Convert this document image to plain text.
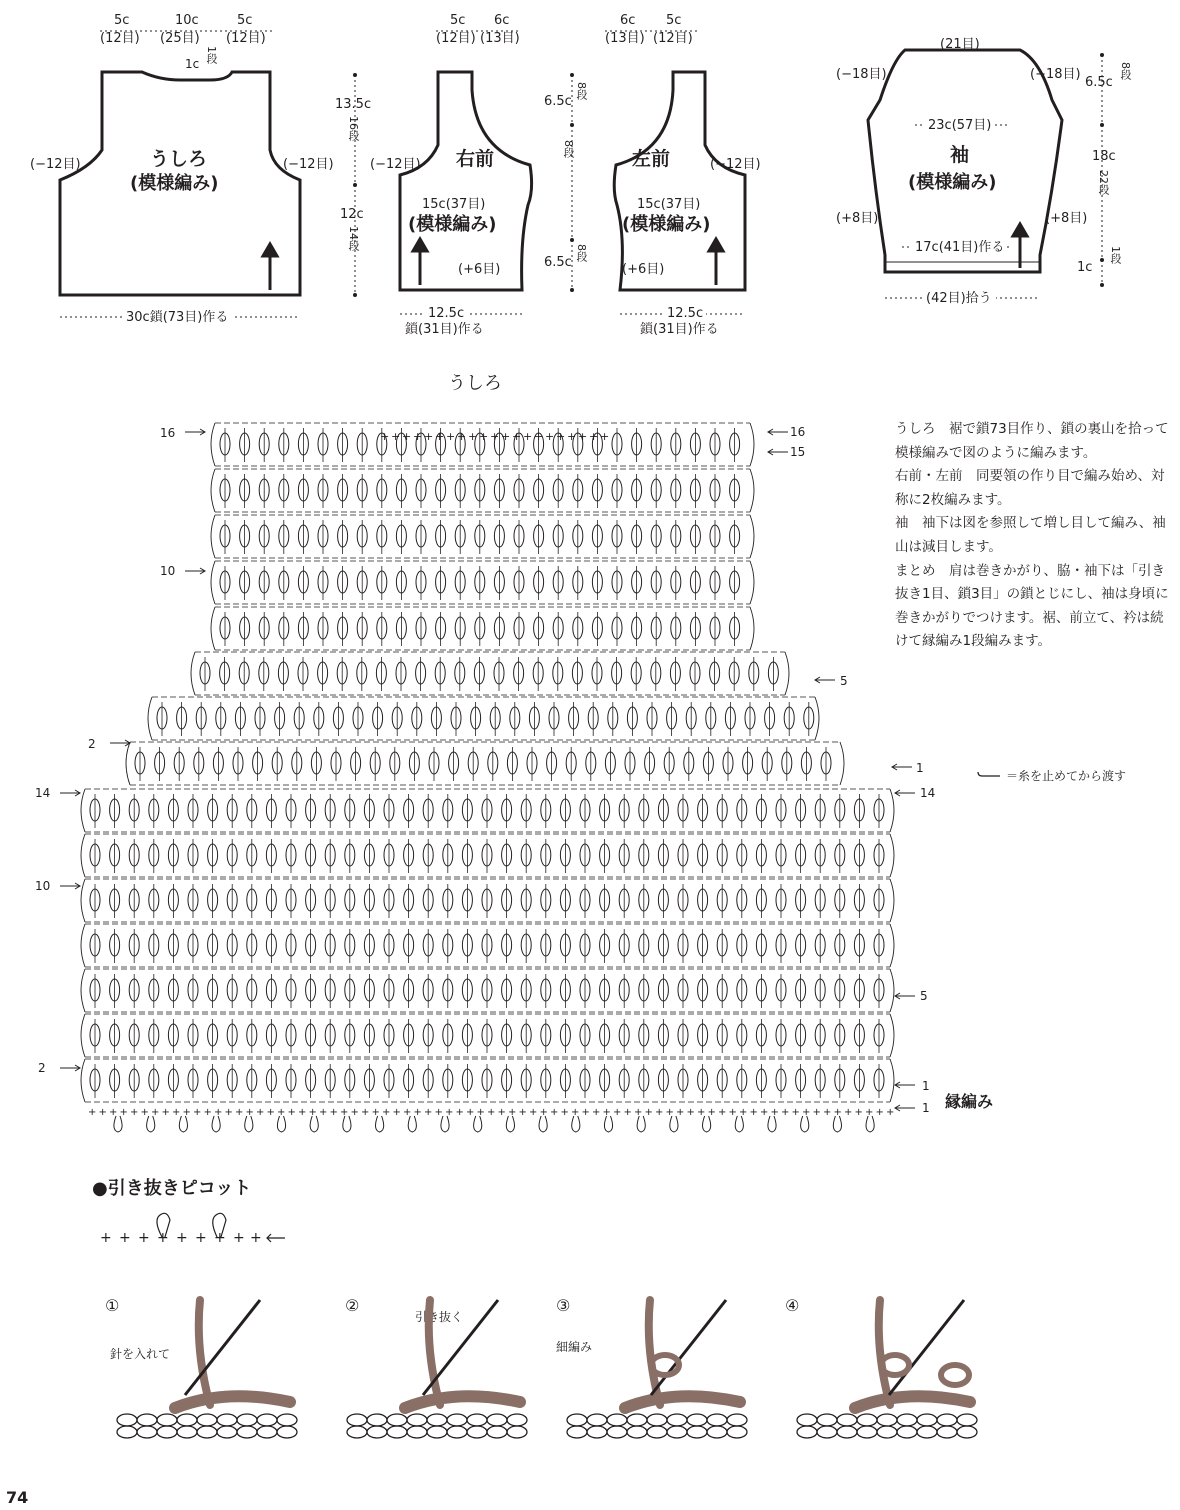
5c	10c	5c
(12目) (25目) (12目)
1c 1段
(−12目)	(−12目)
うしろ
(模様編み)
13.5c
16段
12c
14段
30c鎖(73目)作る
5c 6c
(12目) (13目)
(−12目) 右前
15c(37目)
(模様編み)
(+6目)
12.5c
鎖(31目)作る
6.5c
8段
8段
6.5c
8段
6c 5c
(13目) (12目)
(−12目)
左前
15c(37目)
(模様編み)
(+6目)
12.5c
鎖(31目)作る
(21目)
(−18目)	(−18目)
6.5c
8段
23c(57目)
袖
(模様編み)
18c
22段
(+8目)	(+8目)
17c(41目)作る
1c
1段
(42目)拾う
うしろ
+ + + + + + + + + + + + + + + + + + + + +
+ + + + + + + + + + + + + + + + + + + + + + + + + + + + + + + + + + + + + + + + + + + + + + + + + + + + + + + + + + + + + + + + + + + + + + + + + + + + +
16
10
2
14
10
2
16
15
5
1
14
5
1
1 縁編み
＝糸を止めてから渡す

うしろ　裾で鎖73目作り、鎖の裏山を拾って模様編みで図のように編みます。

右前・左前　同要領の作り目で編み始め、対称に2枚編みます。

袖　袖下は図を参照して増し目して編み、袖山は減目します。

まとめ　肩は巻きかがり、脇・袖下は「引き抜き1目、鎖3目」の鎖とじにし、袖は身頃に巻きかがりでつけます。裾、前立て、衿は続けて縁編み1段編みます。

●引き抜きピコット
+ + + + + + + + +
①	②	③	④
針を入れて
引き抜く
細編み
74
